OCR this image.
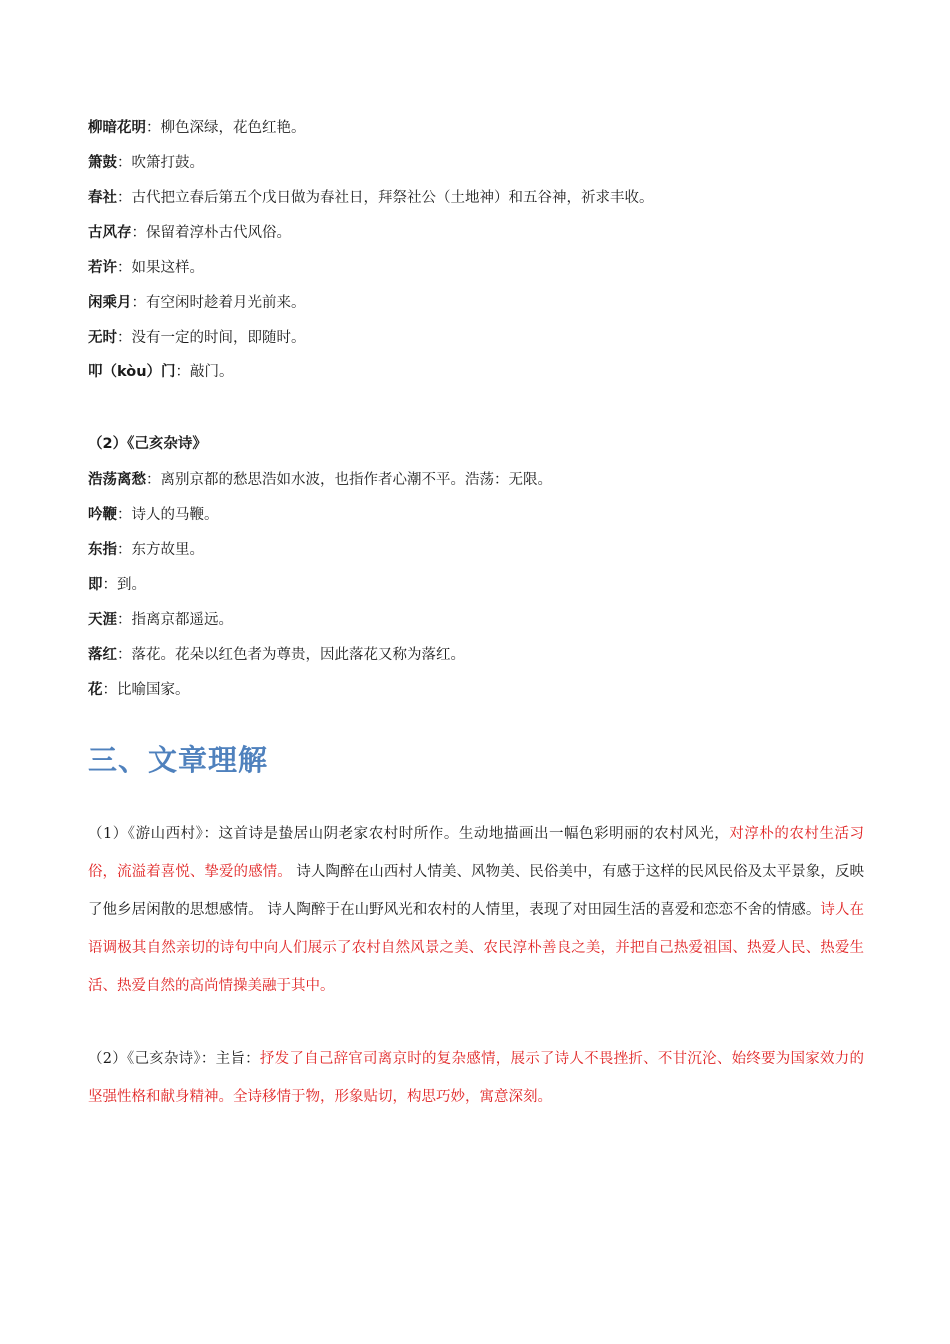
柳暗花明：柳色深绿，花色红艳。
箫鼓：吹箫打鼓。
春社：古代把立春后第五个戊日做为春社日，拜祭社公（土地神）和五谷神，祈求丰收。
古风存：保留着淳朴古代风俗。
若许：如果这样。
闲乘月：有空闲时趁着月光前来。
无时：没有一定的时间，即随时。
叩（kòu）门：敲门。
（2）《己亥杂诗》
浩荡离愁：离别京都的愁思浩如水波，也指作者心潮不平。浩荡：无限。
吟鞭：诗人的马鞭。
东指：东方故里。
即：到。
天涯：指离京都遥远。
落红：落花。花朵以红色者为尊贵，因此落花又称为落红。
花：比喻国家。
三、文章理解
（1）《游山西村》：这首诗是蛰居山阴老家农村时所作。生动地描画出一幅色彩明丽的农村风光，对淳朴的农村生活习俗，流溢着喜悦、挚爱的感情。 诗人陶醉在山西村人情美、风物美、民俗美中，有感于这样的民风民俗及太平景象，反映了他乡居闲散的思想感情。 诗人陶醉于在山野风光和农村的人情里，表现了对田园生活的喜爱和恋恋不舍的情感。诗人在语调极其自然亲切的诗句中向人们展示了农村自然风景之美、农民淳朴善良之美，并把自己热爱祖国、热爱人民、热爱生活、热爱自然的高尚情操美融于其中。
（2）《己亥杂诗》：主旨：抒发了自己辞官司离京时的复杂感情，展示了诗人不畏挫折、不甘沉沦、始终要为国家效力的坚强性格和献身精神。全诗移情于物，形象贴切，构思巧妙，寓意深刻。
